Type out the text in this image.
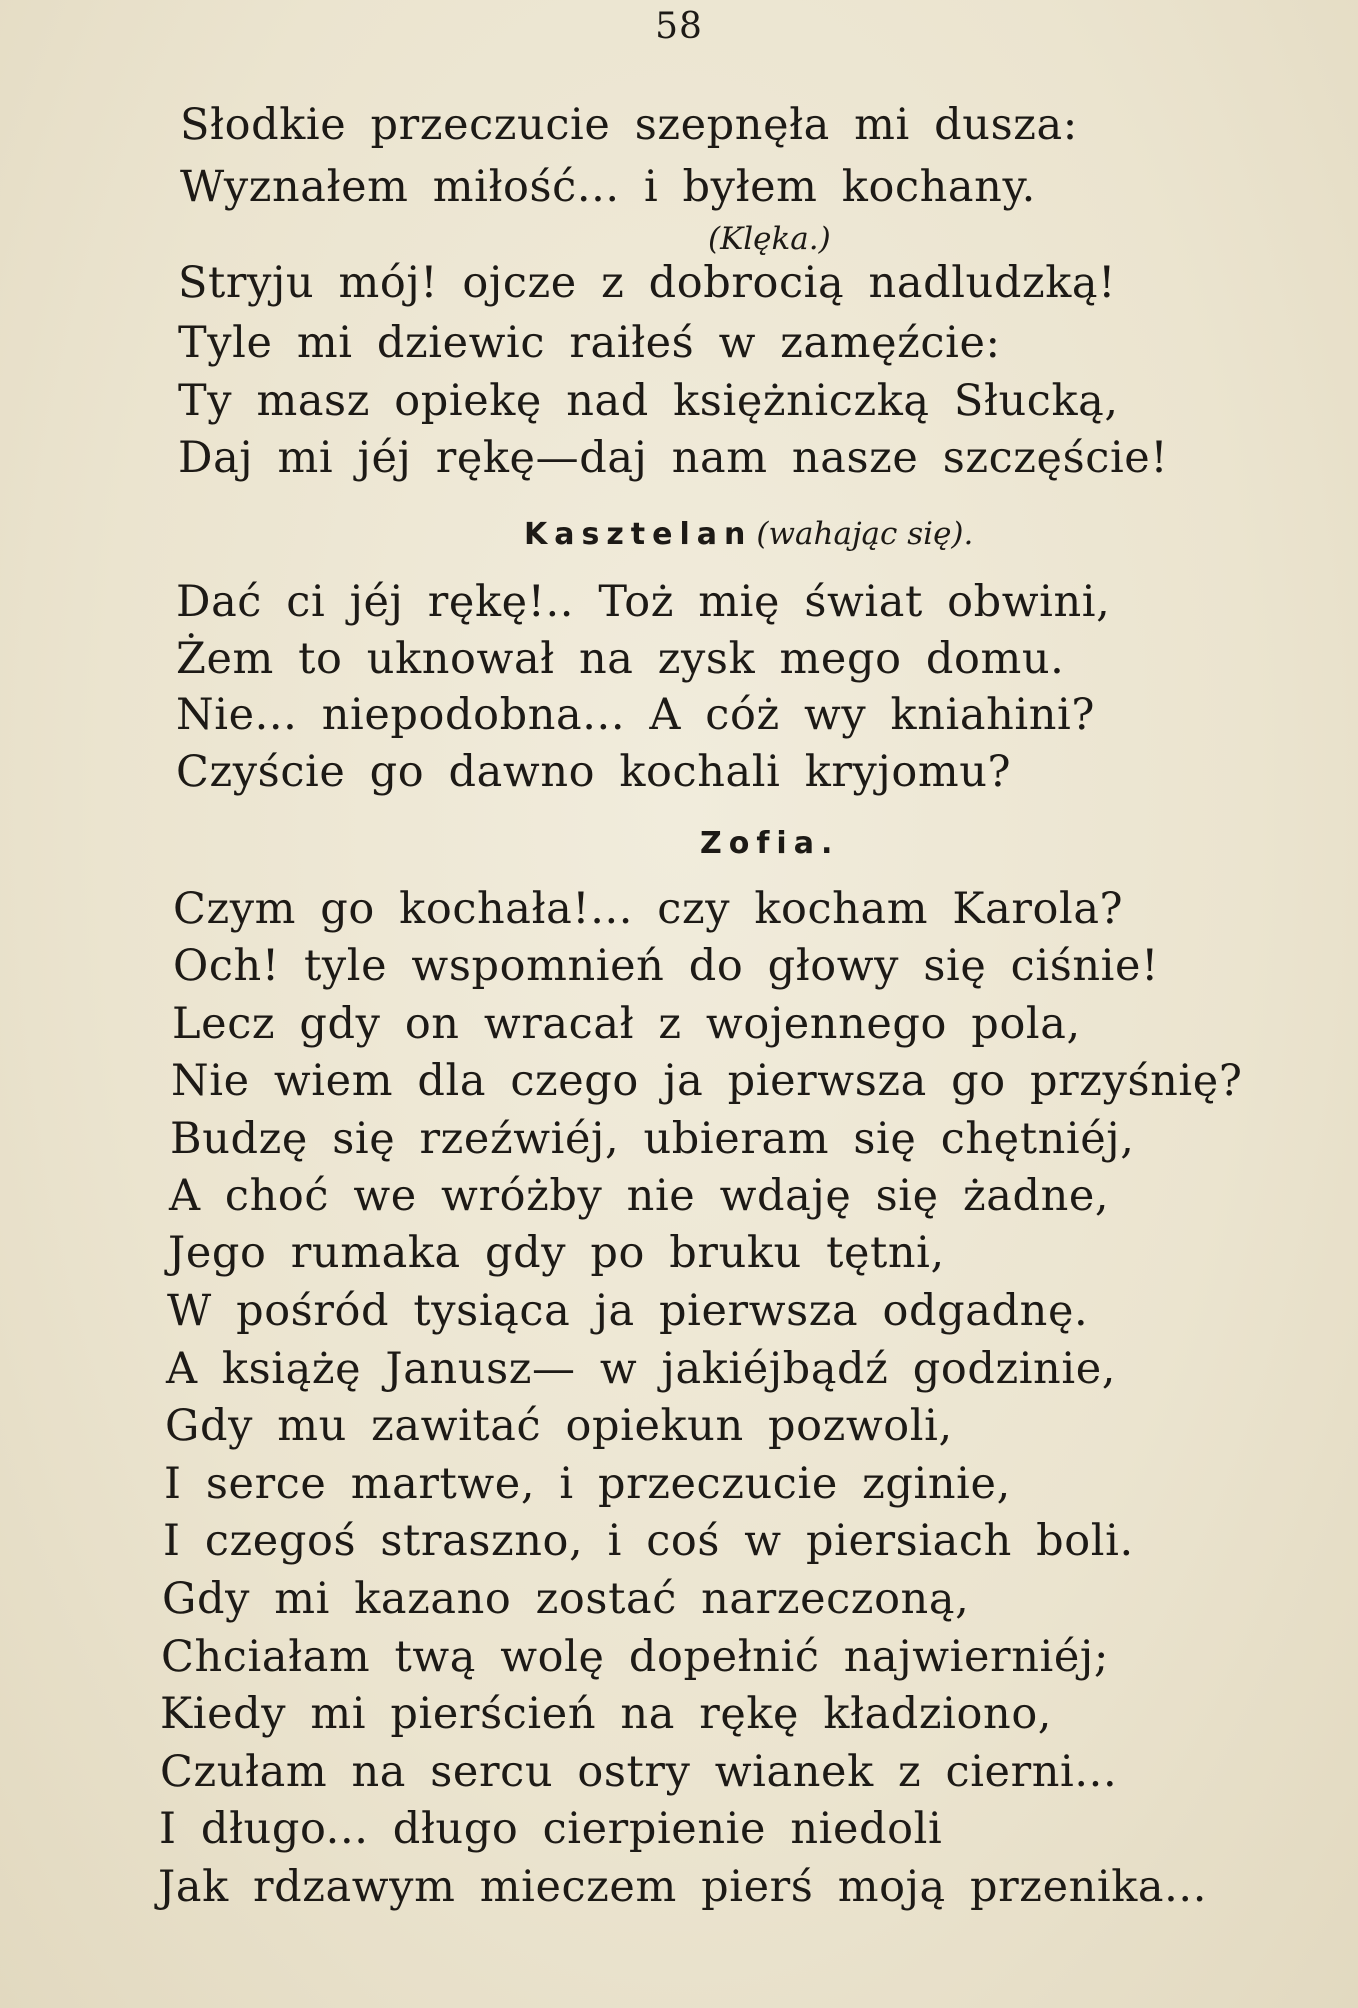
58
Słodkie przeczucie szepnęła mi dusza:
Wyznałem miłość... i byłem kochany.
(Klęka.)
Stryju mój! ojcze z dobrocią nadludzką!
Tyle mi dziewic raiłeś w zamęźcie:
Ty masz opiekę nad księżniczką Słucką,
Daj mi jéj rękę—daj nam nasze szczęście!
Kasztelan (wahając się).
Dać ci jéj rękę!.. Toż mię świat obwini,
Żem to uknował na zysk mego domu.
Nie... niepodobna... A cóż wy kniahini?
Czyście go dawno kochali kryjomu?
Zofia.
Czym go kochała!... czy kocham Karola?
Och! tyle wspomnień do głowy się ciśnie!
Lecz gdy on wracał z wojennego pola,
Nie wiem dla czego ja pierwsza go przyśnię?
Budzę się rzeźwiéj, ubieram się chętniéj,
A choć we wróżby nie wdaję się żadne,
Jego rumaka gdy po bruku tętni,
W pośród tysiąca ja pierwsza odgadnę.
A książę Janusz— w jakiéjbądź godzinie,
Gdy mu zawitać opiekun pozwoli,
I serce martwe, i przeczucie zginie,
I czegoś straszno, i coś w piersiach boli.
Gdy mi kazano zostać narzeczoną,
Chciałam twą wolę dopełnić najwierniéj;
Kiedy mi pierścień na rękę kładziono,
Czułam na sercu ostry wianek z cierni...
I długo... długo cierpienie niedoli
Jak rdzawym mieczem pierś moją przenika...
